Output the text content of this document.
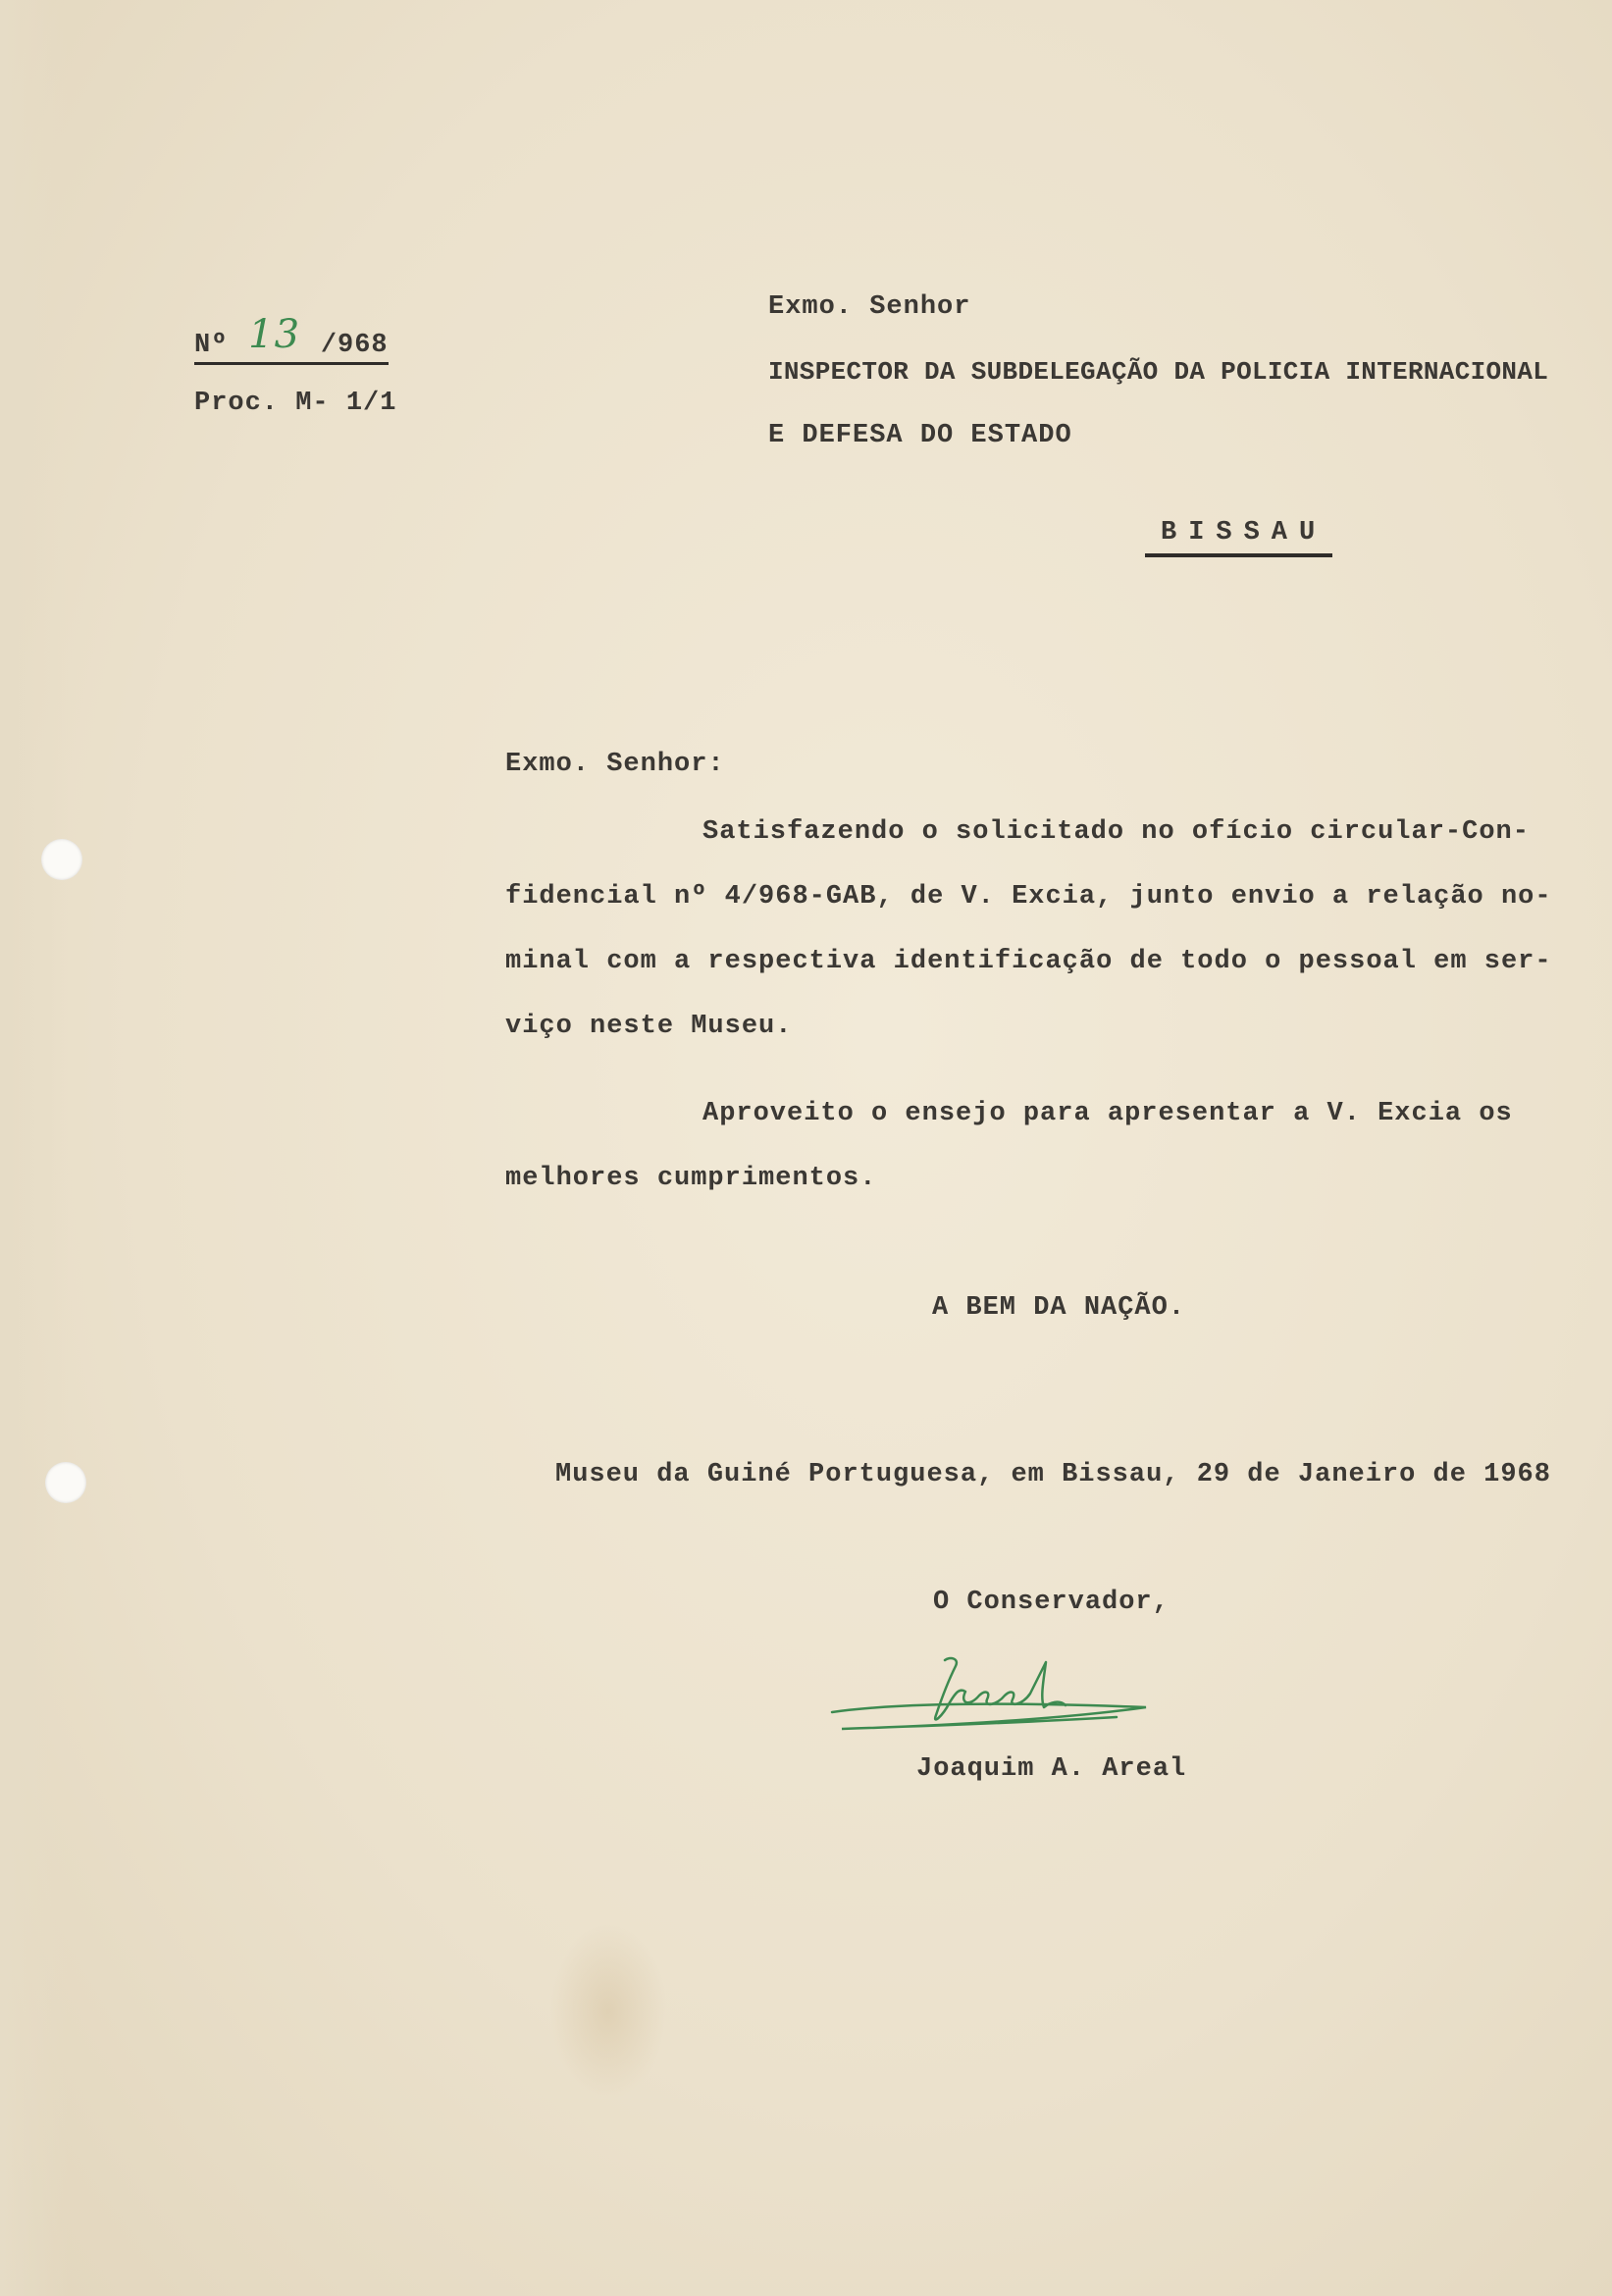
Nº 13 /968
Proc. M- 1/1
Exmo. Senhor
INSPECTOR DA SUBDELEGAÇÃO DA POLICIA INTERNACIONAL
E DEFESA DO ESTADO
BISSAU
Exmo. Senhor:
Satisfazendo o solicitado no ofício circular-Con-
fidencial nº 4/968-GAB, de V. Excia, junto envio a relação no-
minal com a respectiva identificação de todo o pessoal em ser-
viço neste Museu.
Aproveito o ensejo para apresentar a V. Excia os
melhores cumprimentos.
A BEM DA NAÇÃO.
Museu da Guiné Portuguesa, em Bissau, 29 de Janeiro de 1968
O Conservador,
Joaquim A. Areal
